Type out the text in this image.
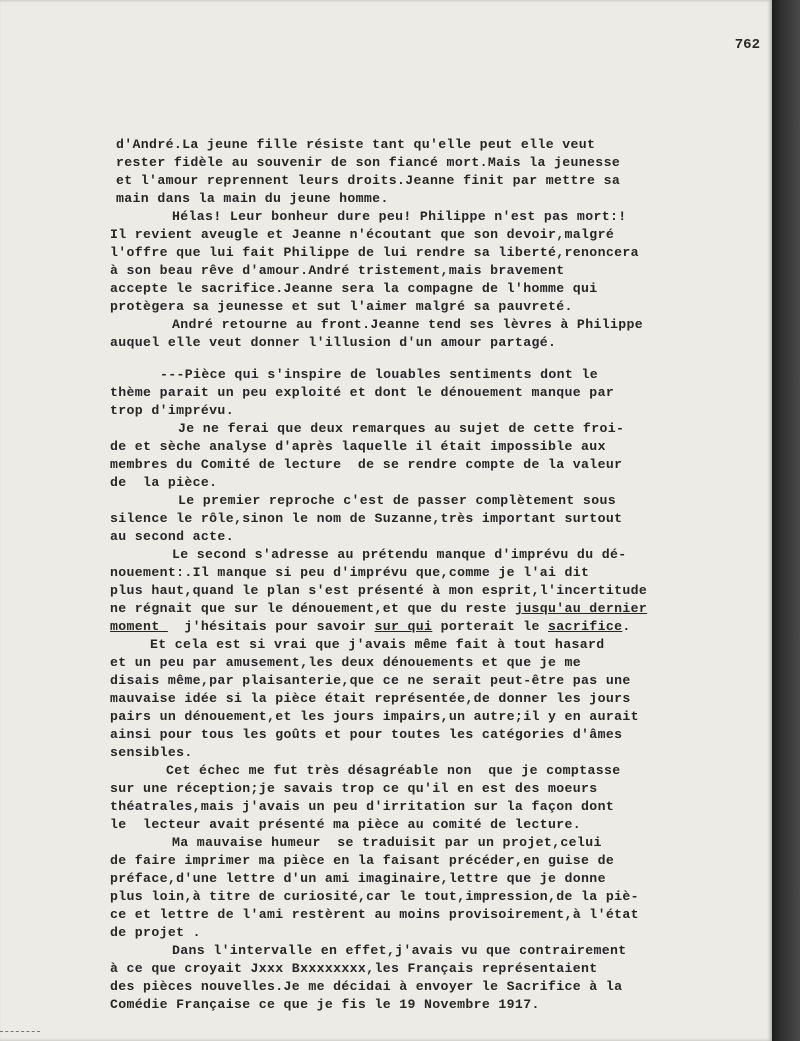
762
d'André.La jeune fille résiste tant qu'elle peut elle veut
rester fidèle au souvenir de son fiancé mort.Mais la jeunesse
et l'amour reprennent leurs droits.Jeanne finit par mettre sa
main dans la main du jeune homme.
Hélas! Leur bonheur dure peu! Philippe n'est pas mort:!
Il revient aveugle et Jeanne n'écoutant que son devoir,malgré
l'offre que lui fait Philippe de lui rendre sa liberté,renoncera
à son beau rêve d'amour.André tristement,mais bravement
accepte le sacrifice.Jeanne sera la compagne de l'homme qui
protègera sa jeunesse et sut l'aimer malgré sa pauvreté.
André retourne au front.Jeanne tend ses lèvres à Philippe
auquel elle veut donner l'illusion d'un amour partagé.
---Pièce qui s'inspire de louables sentiments dont le
thème parait un peu exploité et dont le dénouement manque par
trop d'imprévu.
Je ne ferai que deux remarques au sujet de cette froi-
de et sèche analyse d'après laquelle il était impossible aux
membres du Comité de lecture  de se rendre compte de la valeur
de  la pièce.
Le premier reproche c'est de passer complètement sous
silence le rôle,sinon le nom de Suzanne,très important surtout
au second acte.
Le second s'adresse au prétendu manque d'imprévu du dé-
nouement:.Il manque si peu d'imprévu que,comme je l'ai dit
plus haut,quand le plan s'est présenté à mon esprit,l'incertitude
ne régnait que sur le dénouement,et que du reste jusqu'au dernier
moment   j'hésitais pour savoir sur qui porterait le sacrifice.
Et cela est si vrai que j'avais même fait à tout hasard
et un peu par amusement,les deux dénouements et que je me
disais même,par plaisanterie,que ce ne serait peut-être pas une
mauvaise idée si la pièce était représentée,de donner les jours
pairs un dénouement,et les jours impairs,un autre;il y en aurait
ainsi pour tous les goûts et pour toutes les catégories d'âmes
sensibles.
Cet échec me fut très désagréable non  que je comptasse
sur une réception;je savais trop ce qu'il en est des moeurs
théatrales,mais j'avais un peu d'irritation sur la façon dont
le  lecteur avait présenté ma pièce au comité de lecture.
Ma mauvaise humeur  se traduisit par un projet,celui
de faire imprimer ma pièce en la faisant précéder,en guise de
préface,d'une lettre d'un ami imaginaire,lettre que je donne
plus loin,à titre de curiosité,car le tout,impression,de la piè-
ce et lettre de l'ami restèrent au moins provisoirement,à l'état
de projet .
Dans l'intervalle en effet,j'avais vu que contrairement
à ce que croyait Jxxx Bxxxxxxxx,les Français représentaient
des pièces nouvelles.Je me décidai à envoyer le Sacrifice à la
Comédie Française ce que je fis le 19 Novembre 1917.
